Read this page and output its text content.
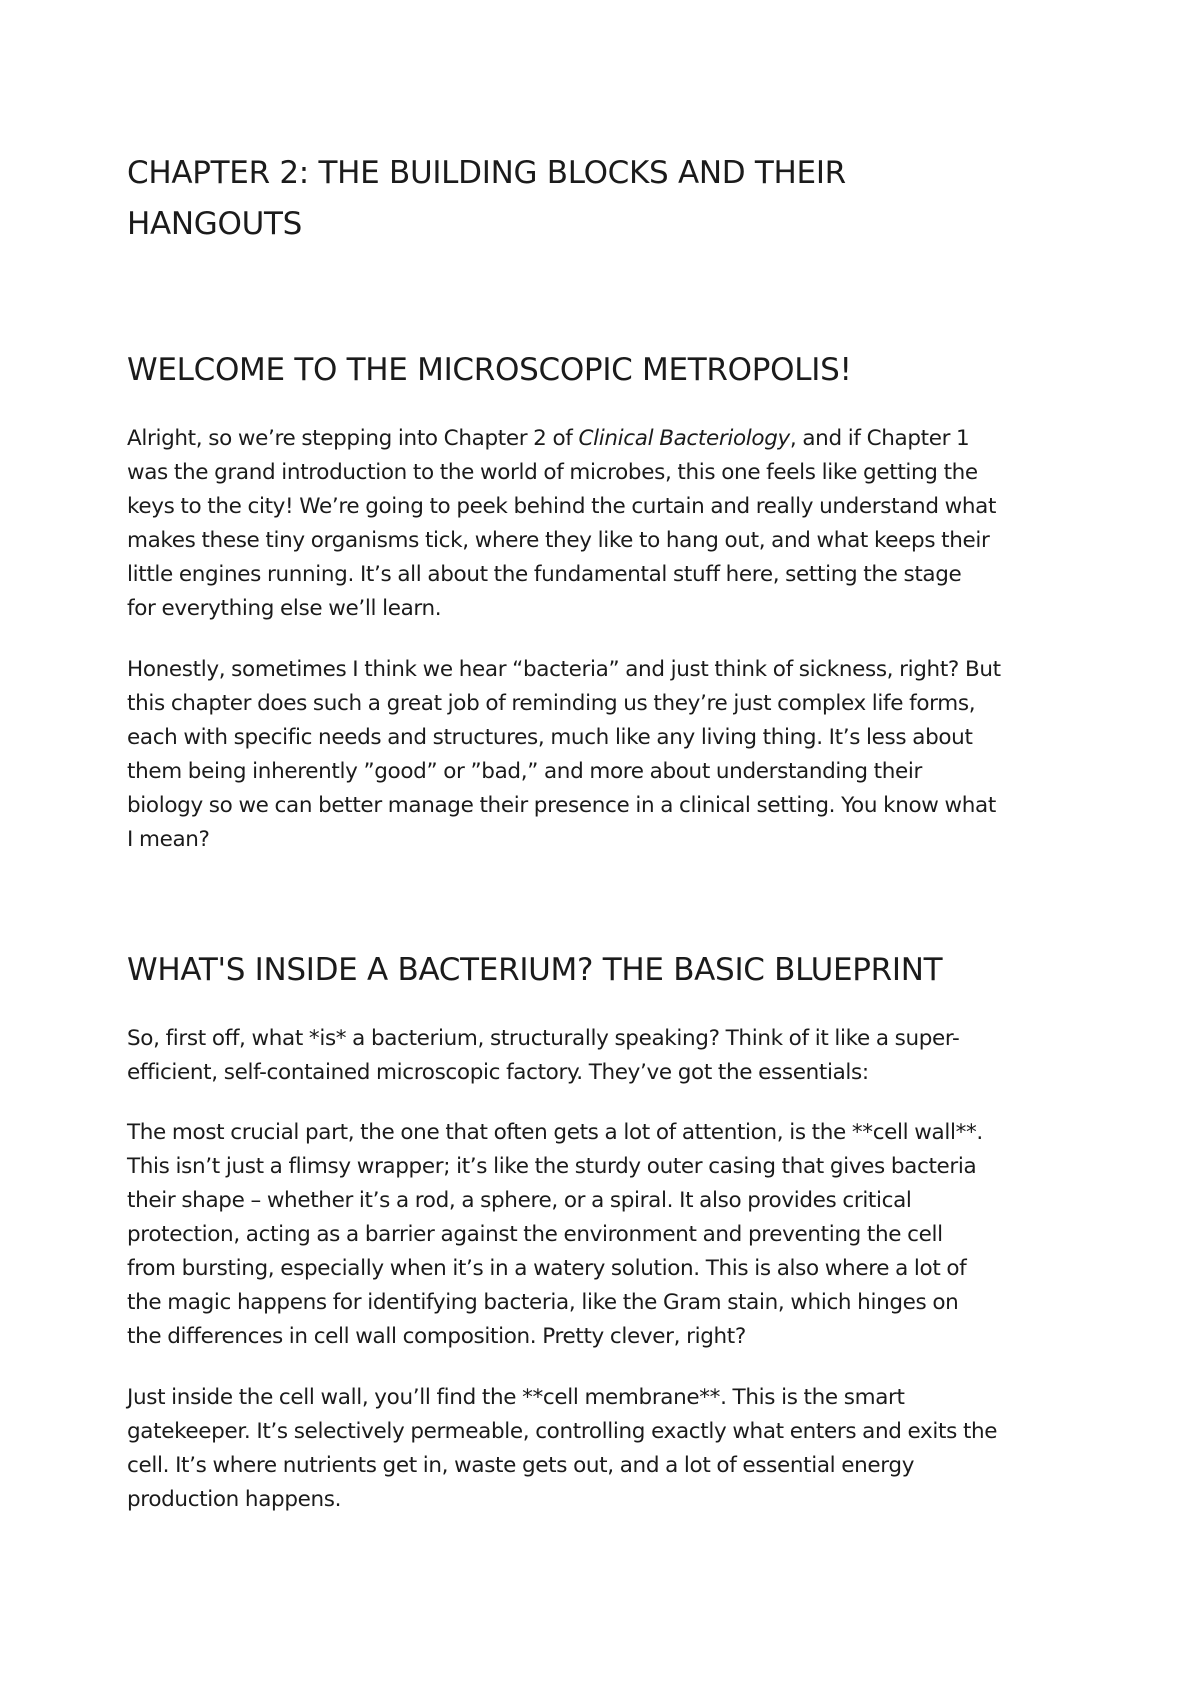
CHAPTER 2: THE BUILDING BLOCKS AND THEIR
HANGOUTS
WELCOME TO THE MICROSCOPIC METROPOLIS!

Alright, so we’re stepping into Chapter 2 of Clinical Bacteriology, and if Chapter 1
was the grand introduction to the world of microbes, this one feels like getting the
keys to the city! We’re going to peek behind the curtain and really understand what
makes these tiny organisms tick, where they like to hang out, and what keeps their
little engines running. It’s all about the fundamental stuff here, setting the stage
for everything else we’ll learn.

Honestly, sometimes I think we hear “bacteria” and just think of sickness, right? But
this chapter does such a great job of reminding us they’re just complex life forms,
each with specific needs and structures, much like any living thing. It’s less about
them being inherently ”good” or ”bad,” and more about understanding their
biology so we can better manage their presence in a clinical setting. You know what
I mean?

WHAT'S INSIDE A BACTERIUM? THE BASIC BLUEPRINT

So, first off, what *is* a bacterium, structurally speaking? Think of it like a super-
efficient, self-contained microscopic factory. They’ve got the essentials:

The most crucial part, the one that often gets a lot of attention, is the **cell wall**.
This isn’t just a flimsy wrapper; it’s like the sturdy outer casing that gives bacteria
their shape – whether it’s a rod, a sphere, or a spiral. It also provides critical
protection, acting as a barrier against the environment and preventing the cell
from bursting, especially when it’s in a watery solution. This is also where a lot of
the magic happens for identifying bacteria, like the Gram stain, which hinges on
the differences in cell wall composition. Pretty clever, right?

Just inside the cell wall, you’ll find the **cell membrane**. This is the smart
gatekeeper. It’s selectively permeable, controlling exactly what enters and exits the
cell. It’s where nutrients get in, waste gets out, and a lot of essential energy
production happens.
